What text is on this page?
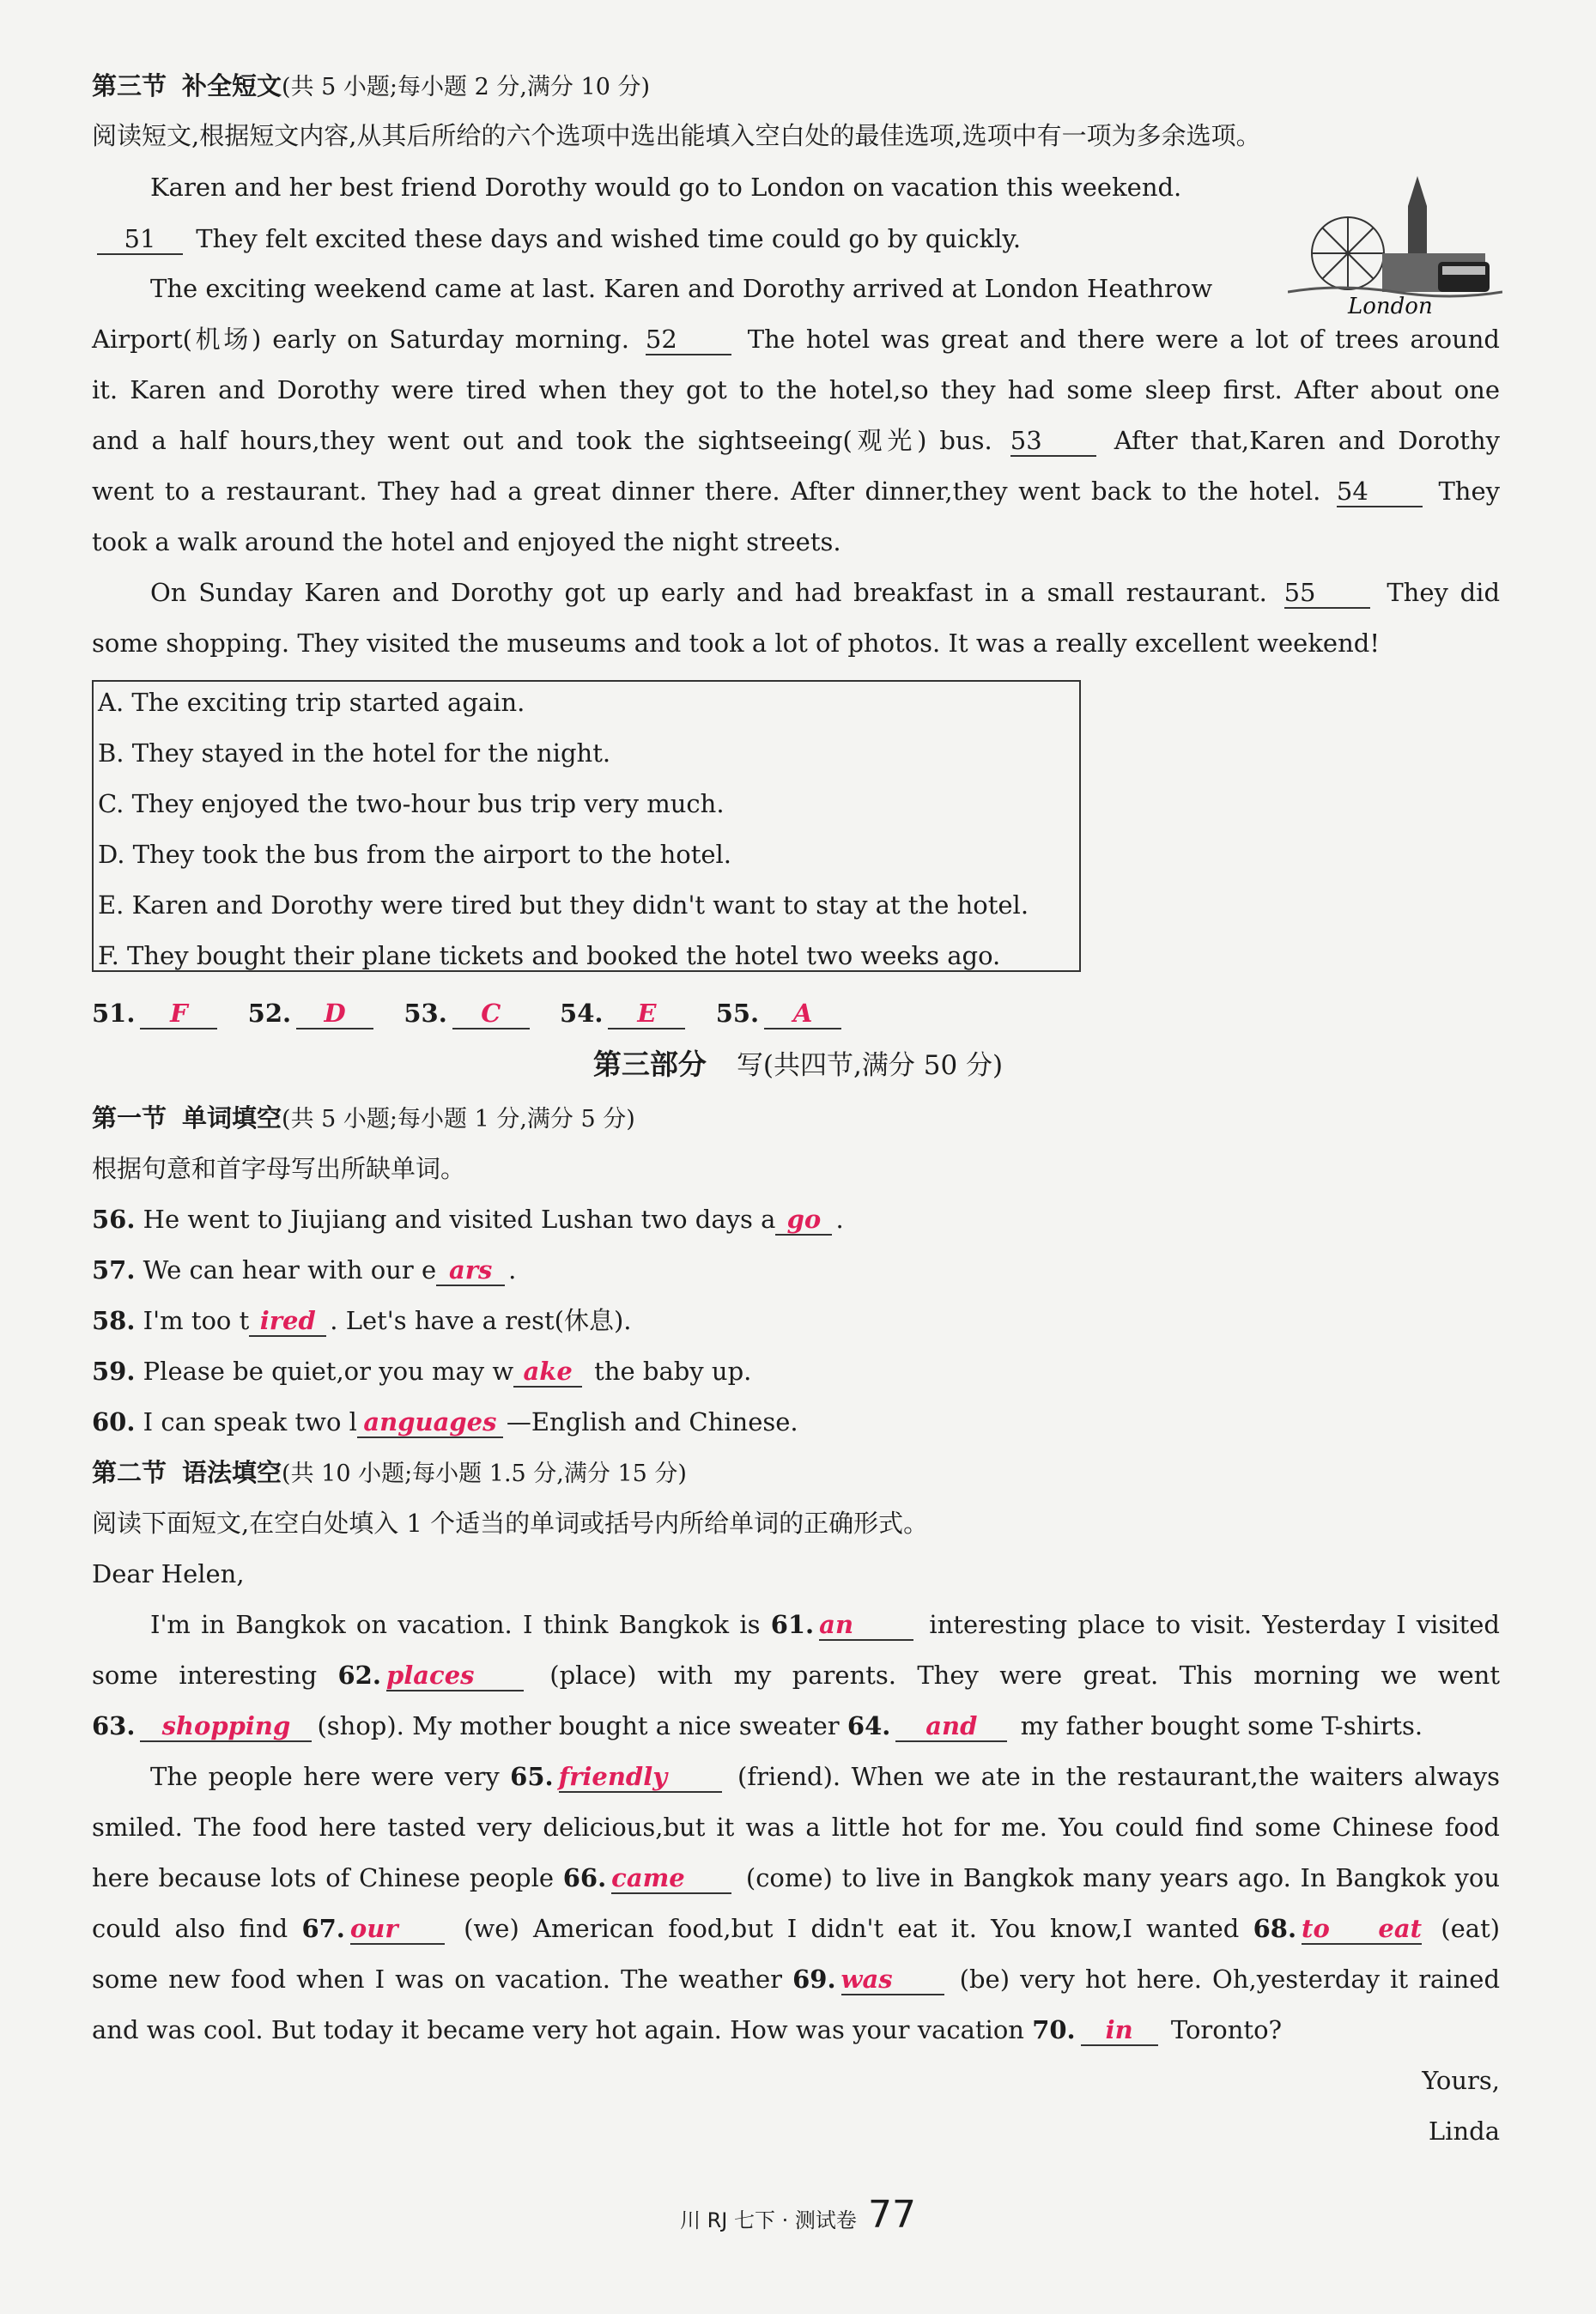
第三节 补全短文(共 5 小题;每小题 2 分,满分 10 分)
阅读短文,根据短文内容,从其后所给的六个选项中选出能填入空白处的最佳选项,选项中有一项为多余选项。
London
Karen and her best friend Dorothy would go to London on vacation this weekend.
51 They felt excited these days and wished time could go by quickly.
The exciting weekend came at last. Karen and Dorothy arrived at London Heathrow
Airport(机场) early on Saturday morning. 52	The hotel was great and there were a lot of trees around
it. Karen and Dorothy were tired when they got to the hotel,so they had some sleep first. After about one
and a half hours,they went out and took the sightseeing(观光) bus. 53	After that,Karen and Dorothy
went to a restaurant. They had a great dinner there. After dinner,they went back to the hotel. 54	They
took a walk around the hotel and enjoyed the night streets.
On Sunday Karen and Dorothy got up early and had breakfast in a small restaurant. 55	They did
some shopping. They visited the museums and took a lot of photos. It was a really excellent weekend!
A. The exciting trip started again.
B. They stayed in the hotel for the night.
C. They enjoyed the two-hour bus trip very much.
D. They took the bus from the airport to the hotel.
E. Karen and Dorothy were tired but they didn't want to stay at the hotel.
F. They bought their plane tickets and booked the hotel two weeks ago.
51. F 52. D 53. C 54. E 55. A
第三部分 写(共四节,满分 50 分)
第一节 单词填空(共 5 小题;每小题 1 分,满分 5 分)
根据句意和首字母写出所缺单词。
56. He went to Jiujiang and visited Lushan two days a go .
57. We can hear with our e ars .
58. I'm too t ired . Let's have a rest(休息).
59. Please be quiet,or you may w ake the baby up.
60. I can speak two l anguages —English and Chinese.
第二节 语法填空(共 10 小题;每小题 1.5 分,满分 15 分)
阅读下面短文,在空白处填入 1 个适当的单词或括号内所给单词的正确形式。
Dear Helen,
I'm in Bangkok on vacation. I think Bangkok is 61. an	interesting place to visit. Yesterday I visited
some interesting 62. places	(place) with my parents. They were great. This morning we went
63. shopping (shop). My mother bought a nice sweater 64. and my father bought some T-shirts.
The people here were very 65. friendly	(friend). When we ate in the restaurant,the waiters always
smiled. The food here tasted very delicious,but it was a little hot for me. You could find some Chinese food
here because lots of Chinese people 66. came (come) to live in Bangkok many years ago. In Bangkok you
could also find 67. our	(we) American food,but I didn't eat it. You know,I wanted 68. to eat (eat)
some new food when I was on vacation. The weather 69. was	(be) very hot here. Oh,yesterday it rained
and was cool. But today it became very hot again. How was your vacation 70. in Toronto?
Yours,
Linda
川 RJ 七下 · 测试卷 77
